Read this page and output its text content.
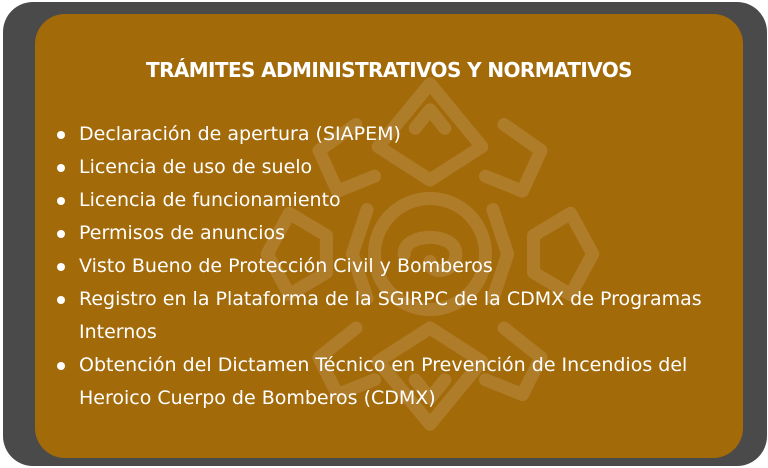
TRÁMITES ADMINISTRATIVOS Y NORMATIVOS
Declaración de apertura (SIAPEM)
Licencia de uso de suelo
Licencia de funcionamiento
Permisos de anuncios
Visto Bueno de Protección Civil y Bomberos
Registro en la Plataforma de la SGIRPC de la CDMX de Programas Internos
Obtención del Dictamen Técnico en Prevención de Incendios del Heroico Cuerpo de Bomberos (CDMX)
